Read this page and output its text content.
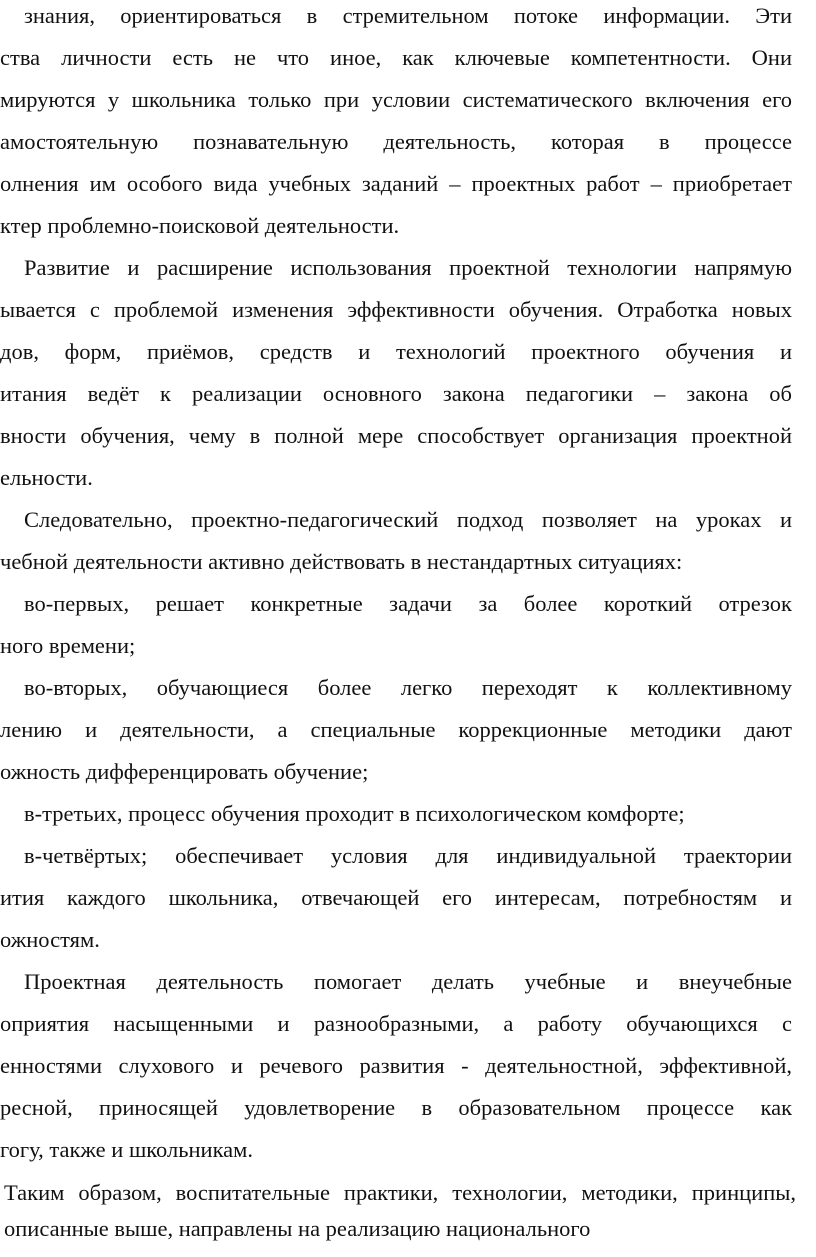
знания, ориентироваться в стремительном потоке информации. Эти
ства личности есть не что иное, как ключевые компетентности. Они
мируются у школьника только при условии систематического включения его
амостоятельную познавательную деятельность, которая в процессе
олнения им особого вида учебных заданий – проектных работ – приобретает
ктер проблемно-поисковой деятельности.
Развитие и расширение использования проектной технологии напрямую
ывается с проблемой изменения эффективности обучения. Отработка новых
дов, форм, приёмов, средств и технологий проектного обучения и
итания ведёт к реализации основного закона педагогики – закона об
вности обучения, чему в полной мере способствует организация проектной
ельности.
Следовательно, проектно-педагогический подход позволяет на уроках и
чебной деятельности активно действовать в нестандартных ситуациях:
во-первых, решает конкретные задачи за более короткий отрезок
ного времени;
во-вторых, обучающиеся более легко переходят к коллективному
лению и деятельности, а специальные коррекционные методики дают
ожность дифференцировать обучение;
в-третьих, процесс обучения проходит в психологическом комфорте;
в-четвёртых; обеспечивает условия для индивидуальной траектории
ития каждого школьника, отвечающей его интересам, потребностям и
ожностям.
Проектная деятельность помогает делать учебные и внеучебные
оприятия насыщенными и разнообразными, а работу обучающихся с
енностями слухового и речевого развития - деятельностной, эффективной,
ресной, приносящей удовлетворение в образовательном процессе как
гогу, также и школьникам.
Таким образом, воспитательные практики, технологии, методики, принципы,
описанные выше, направлены на реализацию национального
